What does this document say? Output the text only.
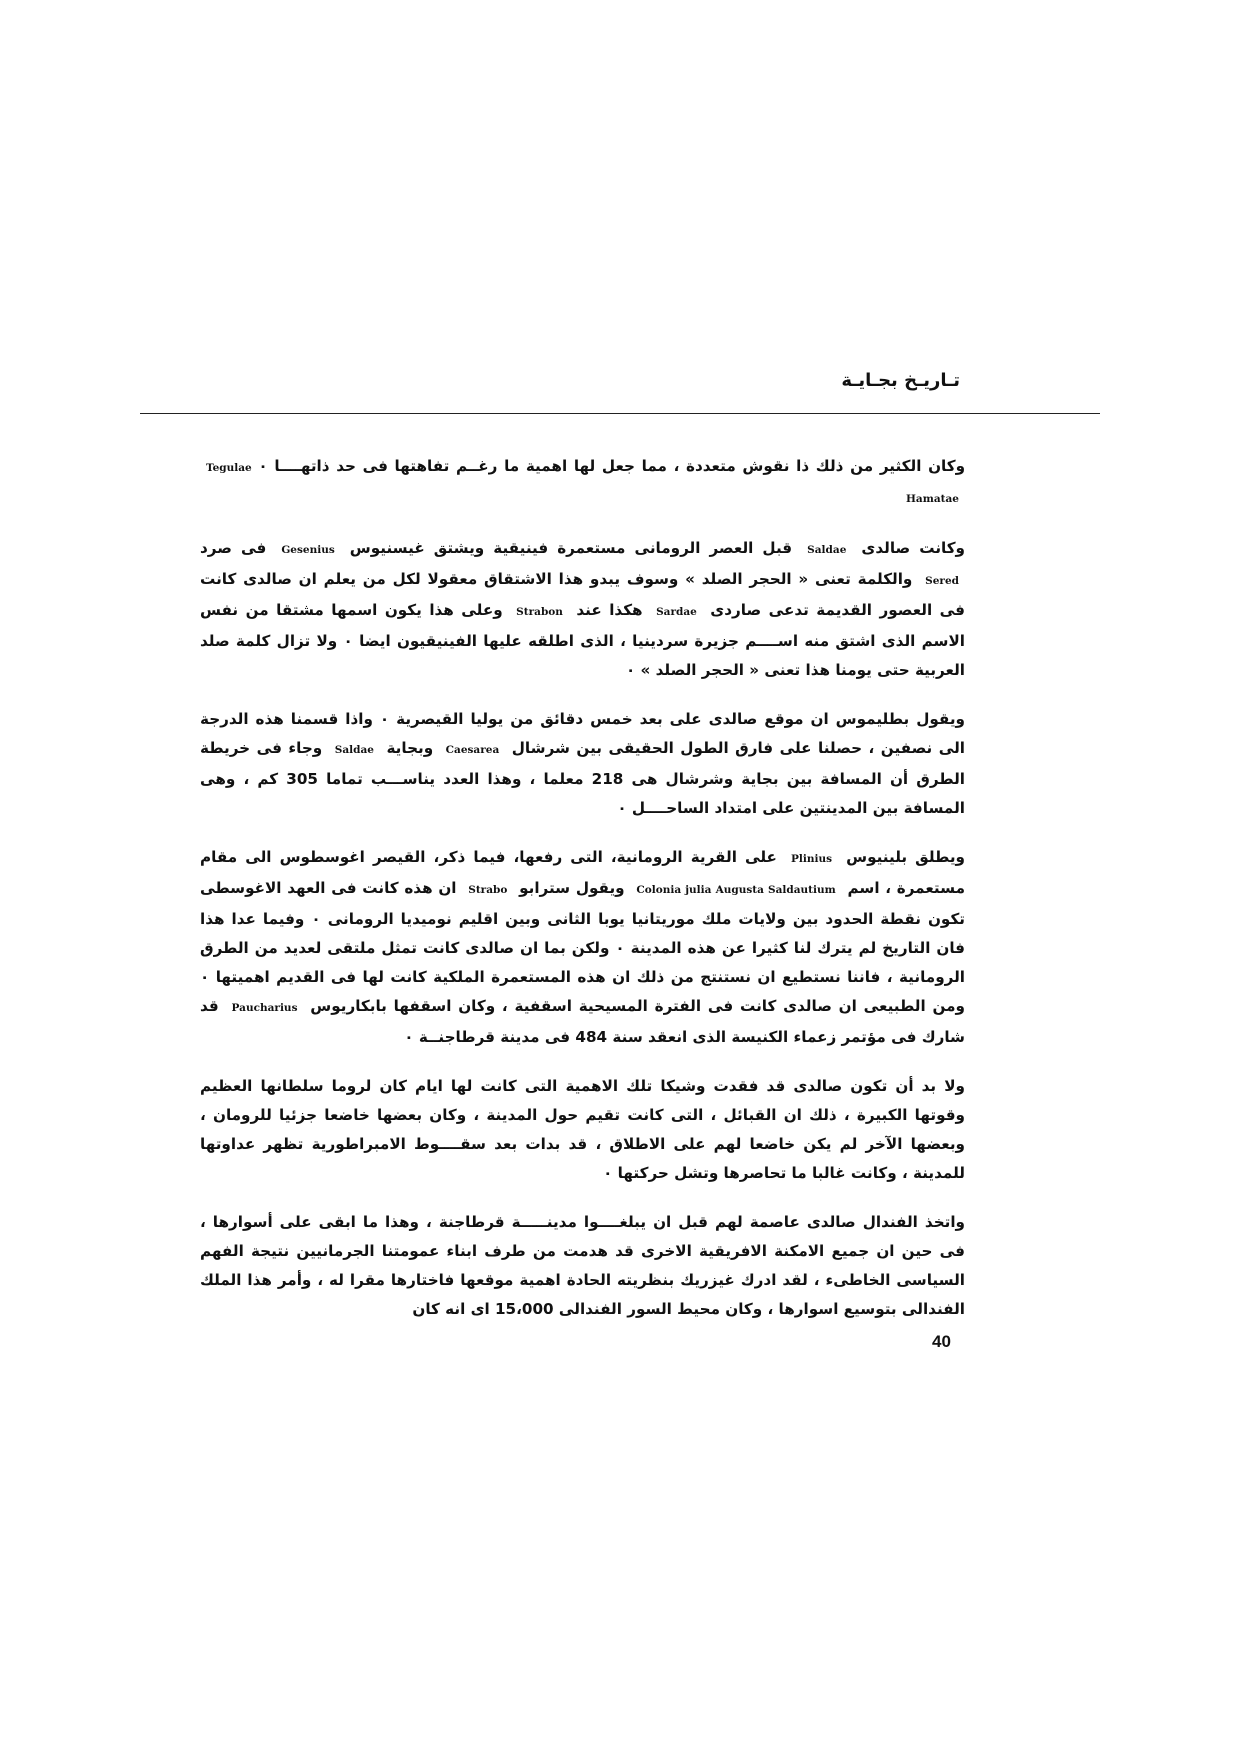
تـاريـخ بجـايـة

وكان الكثير من ذلك ذا نقوش متعددة ، مما جعل لها اهمية ما رغــم تفاهتها فى حد ذاتهــــا ٠ Tegulae Hamatae

وكانت صالدى Saldae قبل العصر الرومانى مستعمرة فينيقية ويشتق غيسنيوس Gesenius فى صرد Sered والكلمة تعنى « الحجر الصلد » وسوف يبدو هذا الاشتقاق معقولا لكل من يعلم ان صالدى كانت فى العصور القديمة تدعى صاردى Sardae هكذا عند Strabon وعلى هذا يكون اسمها مشتقا من نفس الاسم الذى اشتق منه اســــم جزيرة سردينيا ، الذى اطلقه عليها الفينيقيون ايضا ٠ ولا تزال كلمة صلد العربية حتى يومنا هذا تعنى « الحجر الصلد » ٠

ويقول بطليموس ان موقع صالدى على بعد خمس دقائق من يوليا القيصرية ٠ واذا قسمنا هذه الدرجة الى نصفين ، حصلنا على فارق الطول الحقيقى بين شرشال Caesarea وبجاية Saldae وجاء فى خريطة الطرق أن المسافة بين بجاية وشرشال هى 218 معلما ، وهذا العدد يناســـب تماما 305 كم ، وهى المسافة بين المدينتين على امتداد الساحــــل ٠

ويطلق بلينيوس Plinius على القرية الرومانية، التى رفعها، فيما ذكر، القيصر اغوسطوس الى مقام مستعمرة ، اسم Colonia julia Augusta Saldautium ويقول سترابو Strabo ان هذه كانت فى العهد الاغوسطى تكون نقطة الحدود بين ولايات ملك موريتانيا يوبا الثانى وبين اقليم نوميديا الرومانى ٠ وفيما عدا هذا فان التاريخ لم يترك لنا كثيرا عن هذه المدينة ٠ ولكن بما ان صالدى كانت تمثل ملتقى لعديد من الطرق الرومانية ، فاننا نستطيع ان نستنتج من ذلك ان هذه المستعمرة الملكية كانت لها فى القديم اهميتها ٠ ومن الطبيعى ان صالدى كانت فى الفترة المسيحية اسقفية ، وكان اسقفها بابكاريوس Paucharius قد شارك فى مؤتمر زعماء الكنيسة الذى انعقد سنة 484 فى مدينة قرطاجنــة ٠

ولا بد أن تكون صالدى قد فقدت وشيكا تلك الاهمية التى كانت لها ايام كان لروما سلطانها العظيم وقوتها الكبيرة ، ذلك ان القبائل ، التى كانت تقيم حول المدينة ، وكان بعضها خاضعا جزئيا للرومان ، وبعضها الآخر لم يكن خاضعا لهم على الاطلاق ، قد بدات بعد سقــــوط الامبراطورية تظهر عداوتها للمدينة ، وكانت غالبا ما تحاصرها وتشل حركتها ٠

واتخذ الفندال صالدى عاصمة لهم قبل ان يبلغــــوا مدينـــــة قرطاجنة ، وهذا ما ابقى على أسوارها ، فى حين ان جميع الامكنة الافريقية الاخرى قد هدمت من طرف ابناء عمومتنا الجرمانيين نتيجة الفهم السياسى الخاطىء ، لقد ادرك غيزريك بنظريته الحادة اهمية موقعها فاختارها مقرا له ، وأمر هذا الملك الفندالى بتوسيع اسوارها ، وكان محيط السور الفندالى 15،000 اى انه كان

40
